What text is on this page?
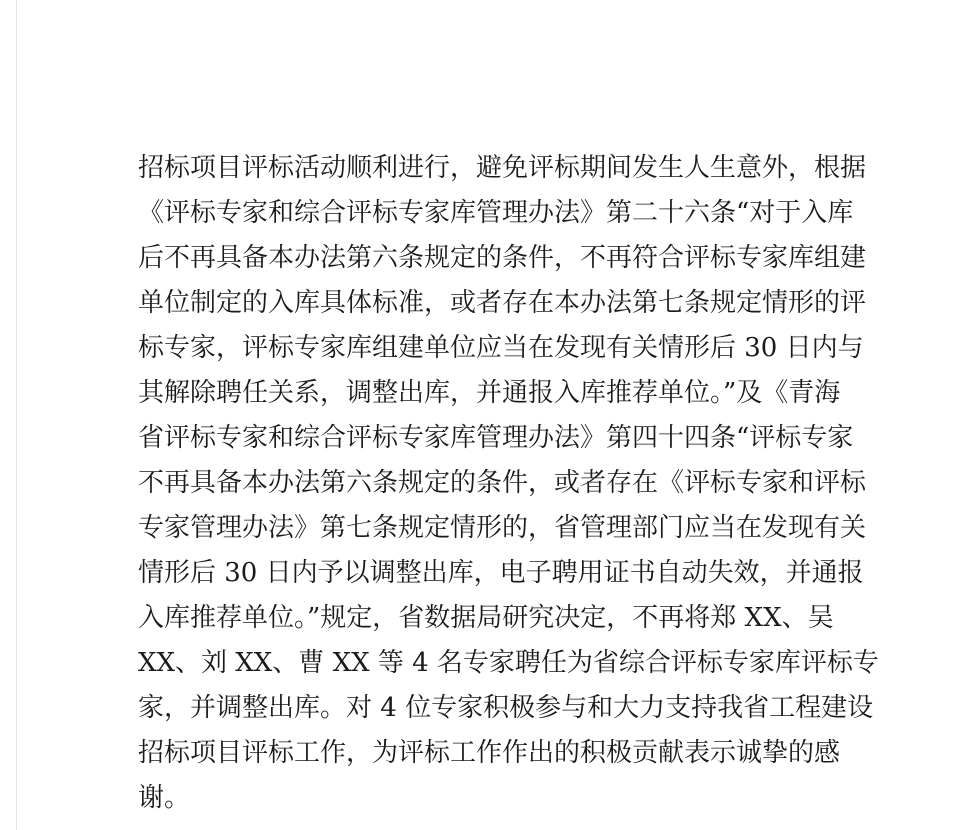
招标项目评标活动顺利进行，避免评标期间发生人生意外，根据
《评标专家和综合评标专家库管理办法》第二十六条“对于入库
后不再具备本办法第六条规定的条件，不再符合评标专家库组建
单位制定的入库具体标准，或者存在本办法第七条规定情形的评
标专家，评标专家库组建单位应当在发现有关情形后 30 日内与
其解除聘任关系，调整出库，并通报入库推荐单位。”及《青海
省评标专家和综合评标专家库管理办法》第四十四条“评标专家
不再具备本办法第六条规定的条件，或者存在《评标专家和评标
专家管理办法》第七条规定情形的，省管理部门应当在发现有关
情形后 30 日内予以调整出库，电子聘用证书自动失效，并通报
入库推荐单位。”规定，省数据局研究决定，不再将郑 XX、吴
XX、刘 XX、曹 XX 等 4 名专家聘任为省综合评标专家库评标专
家，并调整出库。对 4 位专家积极参与和大力支持我省工程建设
招标项目评标工作，为评标工作作出的积极贡献表示诚挚的感
谢。
